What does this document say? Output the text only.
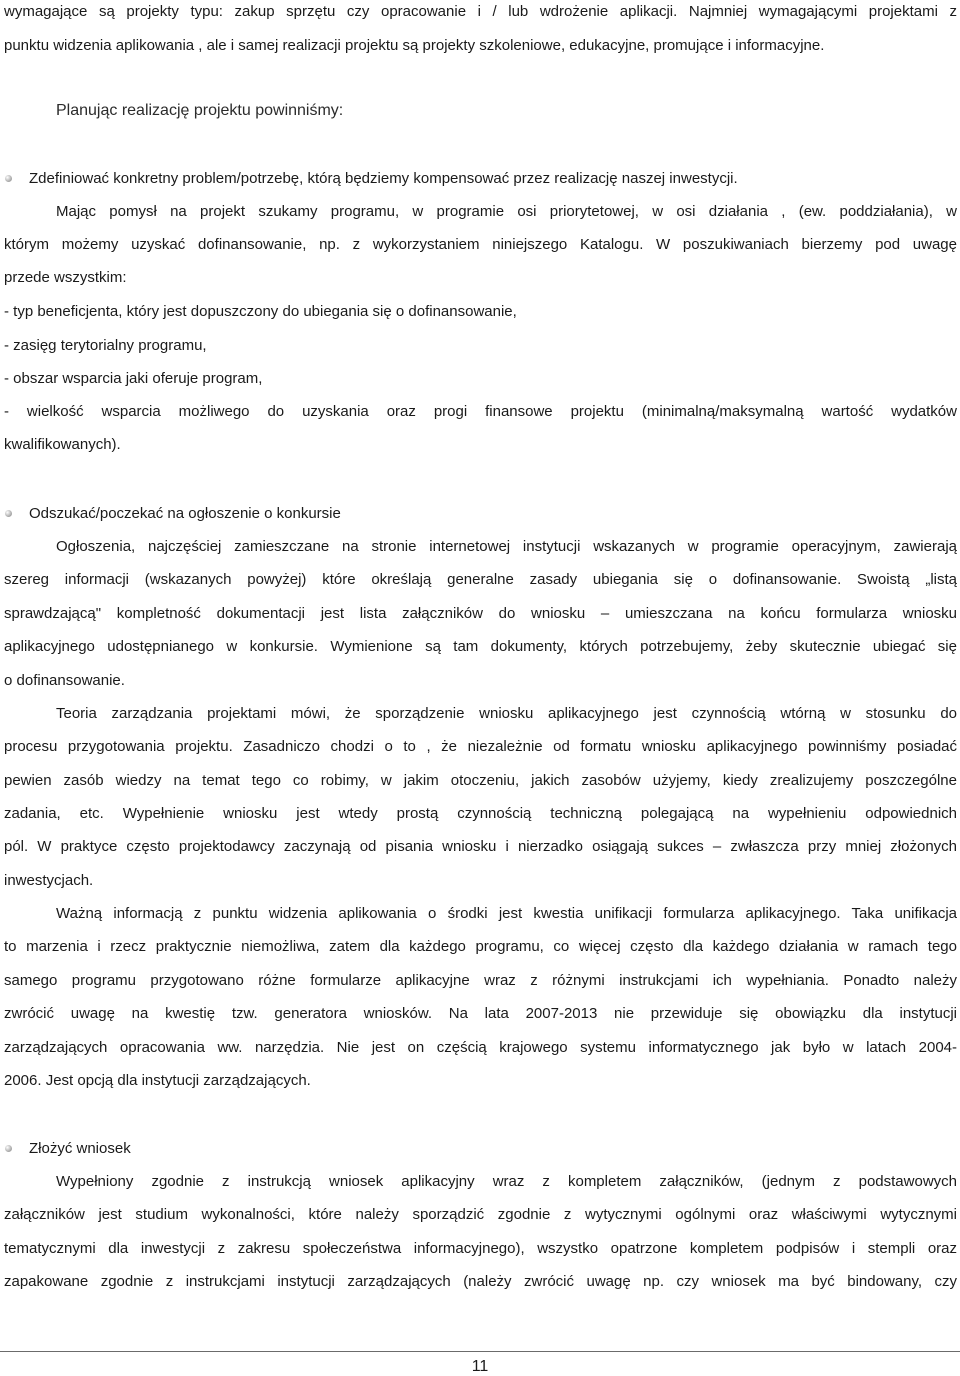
wymagające są projekty typu: zakup sprzętu czy opracowanie i / lub wdrożenie aplikacji. Najmniej wymagającymi projektami z
punktu widzenia aplikowania , ale i samej realizacji projektu są projekty szkoleniowe, edukacyjne, promujące i informacyjne.
Planując realizację projektu powinniśmy:
Zdefiniować konkretny problem/potrzebę, którą będziemy kompensować przez realizację naszej inwestycji.
Mając pomysł na projekt szukamy programu, w programie osi priorytetowej, w osi działania , (ew. poddziałania), w
którym możemy uzyskać dofinansowanie, np. z wykorzystaniem niniejszego Katalogu. W poszukiwaniach bierzemy pod uwagę
przede wszystkim:
- typ beneficjenta, który jest dopuszczony do ubiegania się o dofinansowanie,
- zasięg terytorialny programu,
- obszar wsparcia jaki oferuje program,
- wielkość wsparcia możliwego do uzyskania oraz progi finansowe projektu (minimalną/maksymalną wartość wydatków
kwalifikowanych).
Odszukać/poczekać na ogłoszenie o konkursie
Ogłoszenia, najczęściej zamieszczane na stronie internetowej instytucji wskazanych w programie operacyjnym, zawierają
szereg informacji (wskazanych powyżej) które określają generalne zasady ubiegania się o dofinansowanie. Swoistą „listą
sprawdzającą" kompletność dokumentacji jest lista załączników do wniosku – umieszczana na końcu formularza wniosku
aplikacyjnego udostępnianego w konkursie. Wymienione są tam dokumenty, których potrzebujemy, żeby skutecznie ubiegać się
o dofinansowanie.
Teoria zarządzania projektami mówi, że sporządzenie wniosku aplikacyjnego jest czynnością wtórną w stosunku do
procesu przygotowania projektu. Zasadniczo chodzi o to , że niezależnie od formatu wniosku aplikacyjnego powinniśmy posiadać
pewien zasób wiedzy na temat tego co robimy, w jakim otoczeniu, jakich zasobów użyjemy, kiedy zrealizujemy poszczególne
zadania, etc. Wypełnienie wniosku jest wtedy prostą czynnością techniczną polegającą na wypełnieniu odpowiednich
pól. W praktyce często projektodawcy zaczynają od pisania wniosku i nierzadko osiągają sukces – zwłaszcza przy mniej złożonych
inwestycjach.
Ważną informacją z punktu widzenia aplikowania o środki jest kwestia unifikacji formularza aplikacyjnego. Taka unifikacja
to marzenia i rzecz praktycznie niemożliwa, zatem dla każdego programu, co więcej często dla każdego działania w ramach tego
samego programu przygotowano różne formularze aplikacyjne wraz z różnymi instrukcjami ich wypełniania. Ponadto należy
zwrócić uwagę na kwestię tzw. generatora wniosków. Na lata 2007-2013 nie przewiduje się obowiązku dla instytucji
zarządzających opracowania ww. narzędzia. Nie jest on częścią krajowego systemu informatycznego jak było w latach 2004-
2006. Jest opcją dla instytucji zarządzających.
Złożyć wniosek
Wypełniony zgodnie z instrukcją wniosek aplikacyjny wraz z kompletem załączników, (jednym z podstawowych
załączników jest studium wykonalności, które należy sporządzić zgodnie z wytycznymi ogólnymi oraz właściwymi wytycznymi
tematycznymi dla inwestycji z zakresu społeczeństwa informacyjnego), wszystko opatrzone kompletem podpisów i stempli oraz
zapakowane zgodnie z instrukcjami instytucji zarządzających (należy zwrócić uwagę np. czy wniosek ma być bindowany, czy
11
